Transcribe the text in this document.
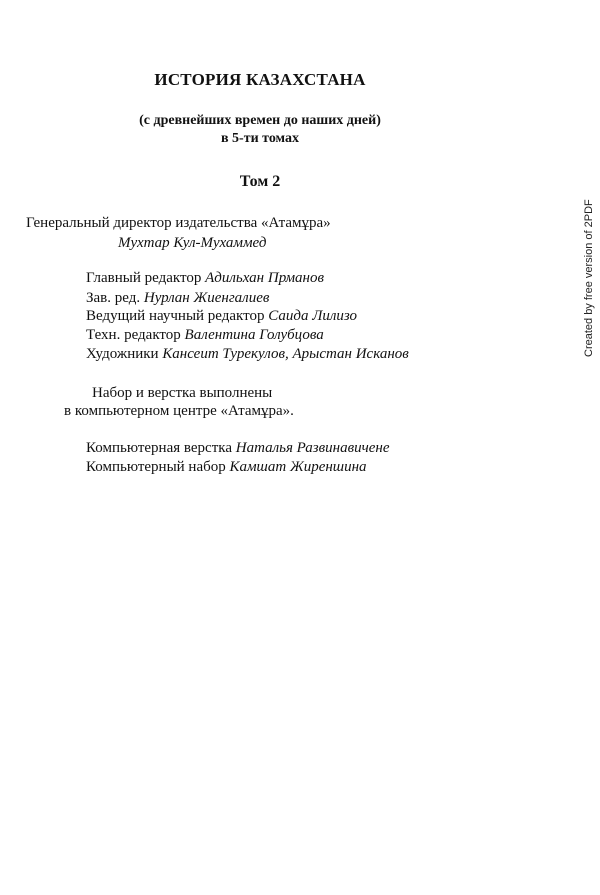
ИСТОРИЯ КАЗАХСТАНА
(с древнейших времен до наших дней)
в 5-ти томах
Том 2
Генеральный директор издательства «Атамұра»
Мухтар Кул-Мухаммед
Главный редактор Адильхан Прманов
Зав. ред. Нурлан Жиенгалиев
Ведущий научный редактор Саида Лилизо
Техн. редактор Валентина Голубцова
Художники Кансеит Турекулов, Арыстан Исканов
Набор и верстка выполнены
в компьютерном центре «Атамұра».
Компьютерная верстка Наталья Развинавичене
Компьютерный набор Камшат Жиреншина
Created by free version of 2PDF
